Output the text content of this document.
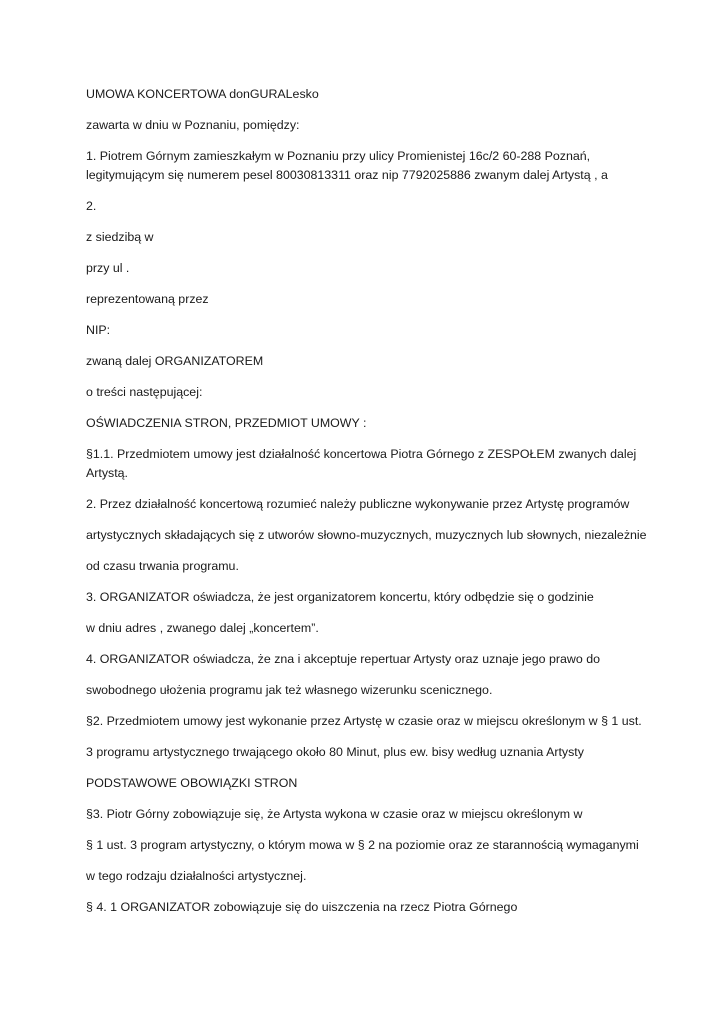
UMOWA KONCERTOWA donGURALesko
zawarta w dniu w Poznaniu, pomiędzy:
1. Piotrem Górnym zamieszkałym w Poznaniu przy ulicy Promienistej 16c/2 60-288 Poznań,
legitymującym się numerem pesel 80030813311 oraz nip 7792025886 zwanym dalej Artystą , a
2.
z siedzibą w
przy ul .
reprezentowaną przez
NIP:
zwaną dalej ORGANIZATOREM
o treści następującej:
OŚWIADCZENIA STRON, PRZEDMIOT UMOWY :
§1.1. Przedmiotem umowy jest działalność koncertowa Piotra Górnego z ZESPOŁEM zwanych dalej
Artystą.
2. Przez działalność koncertową rozumieć należy publiczne wykonywanie przez Artystę programów
artystycznych składających się z utworów słowno-muzycznych, muzycznych lub słownych, niezależnie
od czasu trwania programu.
3. ORGANIZATOR oświadcza, że jest organizatorem koncertu, który odbędzie się o godzinie
w dniu adres , zwanego dalej „koncertem”.
4. ORGANIZATOR oświadcza, że zna i akceptuje repertuar Artysty oraz uznaje jego prawo do
swobodnego ułożenia programu jak też własnego wizerunku scenicznego.
§2. Przedmiotem umowy jest wykonanie przez Artystę w czasie oraz w miejscu określonym w § 1 ust.
3 programu artystycznego trwającego około 80 Minut, plus ew. bisy według uznania Artysty
PODSTAWOWE OBOWIĄZKI STRON
§3. Piotr Górny zobowiązuje się, że Artysta wykona w czasie oraz w miejscu określonym w
§ 1 ust. 3 program artystyczny, o którym mowa w § 2 na poziomie oraz ze starannością wymaganymi
w tego rodzaju działalności artystycznej.
§ 4. 1 ORGANIZATOR zobowiązuje się do uiszczenia na rzecz Piotra Górnego
